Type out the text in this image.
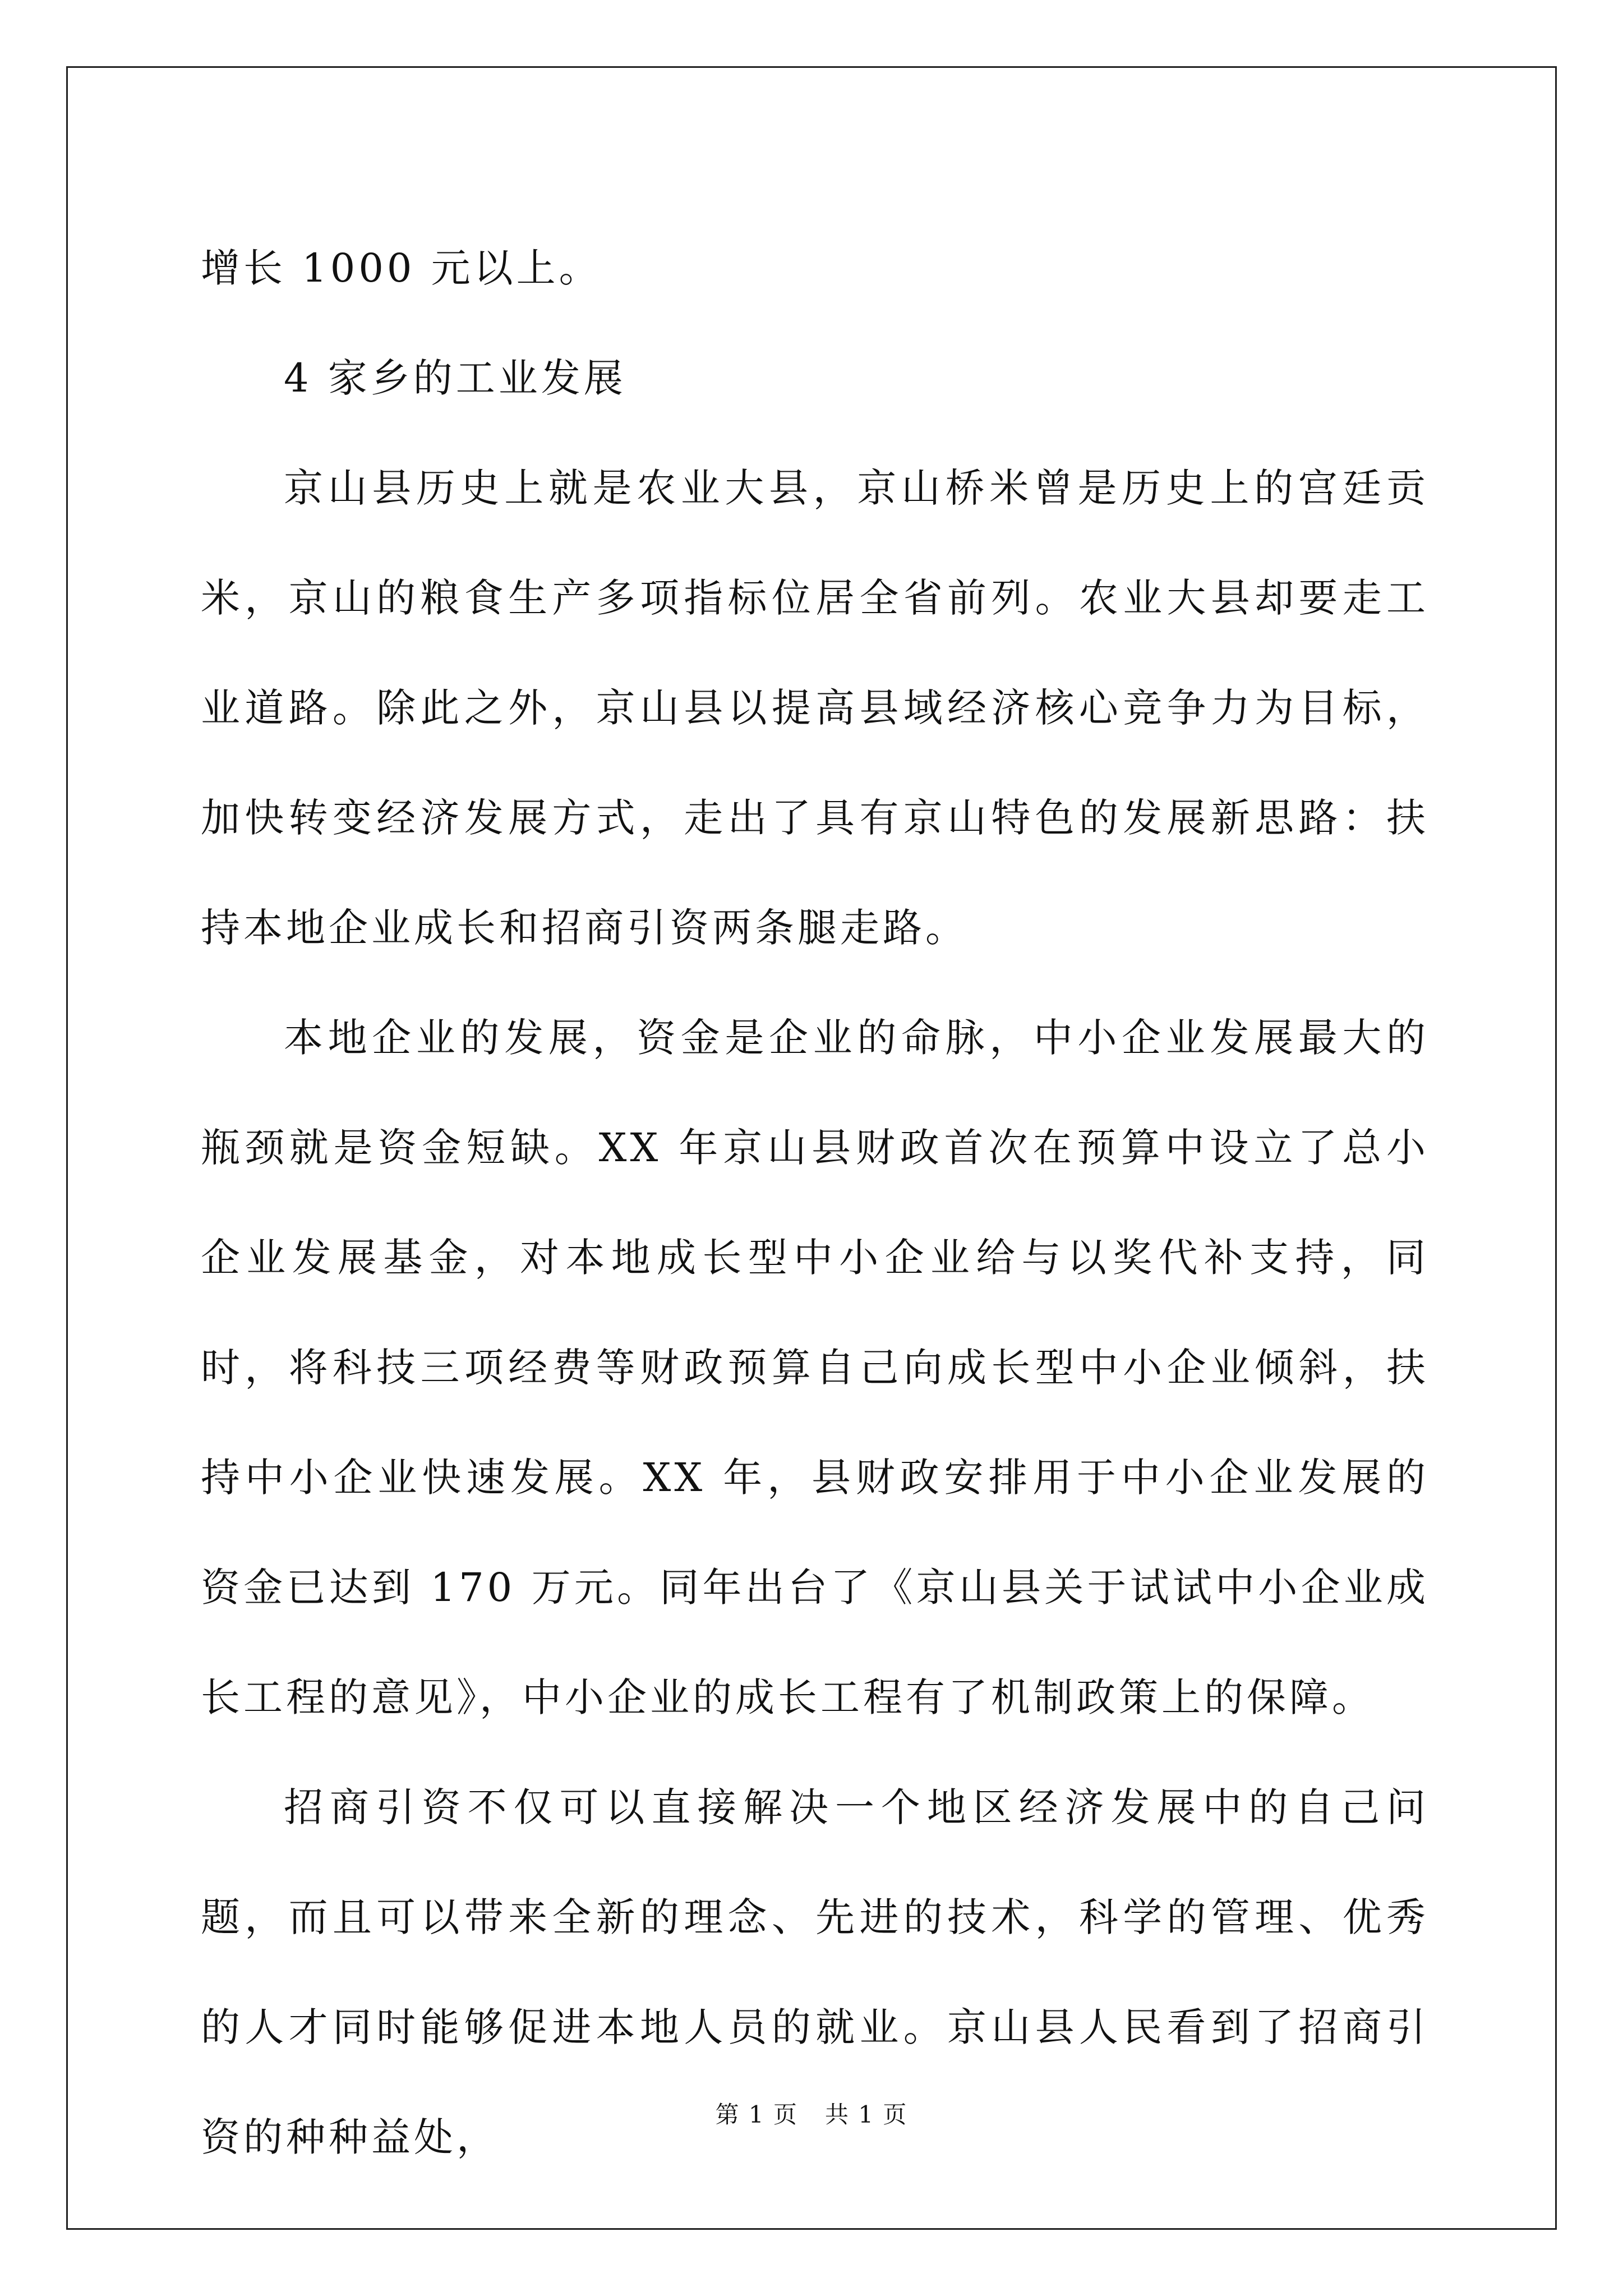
增长 1000 元以上。

4 家乡的工业发展

京山县历史上就是农业大县，京山桥米曾是历史上的宫廷贡米，京山的粮食生产多项指标位居全省前列。农业大县却要走工业道路。除此之外，京山县以提高县域经济核心竞争力为目标，加快转变经济发展方式，走出了具有京山特色的发展新思路：扶持本地企业成长和招商引资两条腿走路。

本地企业的发展，资金是企业的命脉，中小企业发展最大的瓶颈就是资金短缺。XX 年京山县财政首次在预算中设立了总小企业发展基金，对本地成长型中小企业给与以奖代补支持，同时，将科技三项经费等财政预算自己向成长型中小企业倾斜，扶持中小企业快速发展。XX 年，县财政安排用于中小企业发展的资金已达到 170 万元。同年出台了《京山县关于试试中小企业成长工程的意见》，中小企业的成长工程有了机制政策上的保障。

招商引资不仅可以直接解决一个地区经济发展中的自己问题，而且可以带来全新的理念、先进的技术，科学的管理、优秀的人才同时能够促进本地人员的就业。京山县人民看到了招商引资的种种益处，	第 1 页 共 1 页
